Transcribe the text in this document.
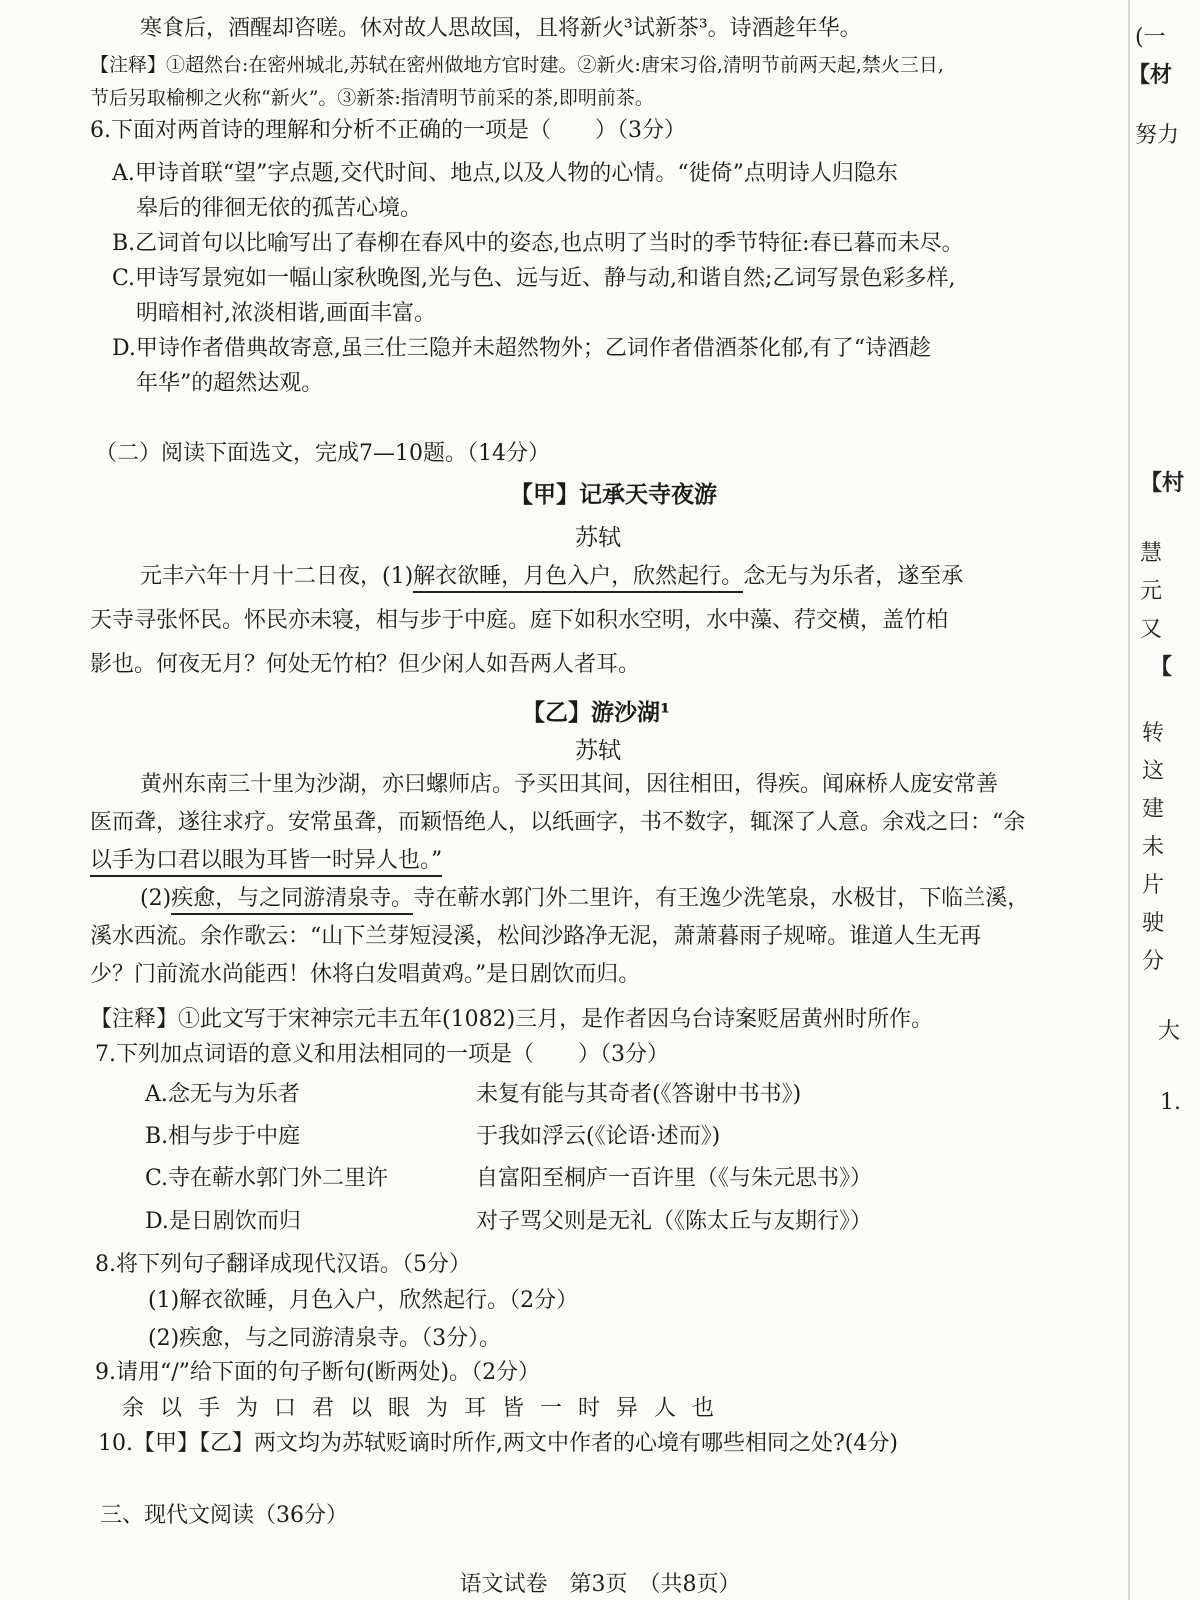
寒食后，酒醒却咨嗟。休对故人思故国，且将新火³试新茶³。诗酒趁年华。
【注释】①超然台:在密州城北,苏轼在密州做地方官时建。②新火:唐宋习俗,清明节前两天起,禁火三日,
节后另取榆柳之火称“新火”。③新茶:指清明节前采的茶,即明前茶。
6.下面对两首诗的理解和分析不正确的一项是（　　）（3分）
A.甲诗首联“望”字点题,交代时间、地点,以及人物的心情。“徙倚”点明诗人归隐东
皋后的徘徊无依的孤苦心境。
B.乙词首句以比喻写出了春柳在春风中的姿态,也点明了当时的季节特征:春已暮而未尽。
C.甲诗写景宛如一幅山家秋晚图,光与色、远与近、静与动,和谐自然;乙词写景色彩多样,
明暗相衬,浓淡相谐,画面丰富。
D.甲诗作者借典故寄意,虽三仕三隐并未超然物外；乙词作者借酒茶化郁,有了“诗酒趁
年华”的超然达观。
（二）阅读下面选文，完成7—10题。（14分）
【甲】记承天寺夜游
苏轼
元丰六年十月十二日夜，(1)解衣欲睡，月色入户，欣然起行。念无与为乐者，遂至承
天寺寻张怀民。怀民亦未寝，相与步于中庭。庭下如积水空明，水中藻、荇交横，盖竹柏
影也。何夜无月？何处无竹柏？但少闲人如吾两人者耳。
【乙】游沙湖¹
苏轼
黄州东南三十里为沙湖，亦曰螺师店。予买田其间，因往相田，得疾。闻麻桥人庞安常善
医而聋，遂往求疗。安常虽聋，而颖悟绝人，以纸画字，书不数字，辄深了人意。余戏之曰：“余
以手为口君以眼为耳皆一时异人也。”
(2)疾愈，与之同游清泉寺。寺在蕲水郭门外二里许，有王逸少洗笔泉，水极甘，下临兰溪，
溪水西流。余作歌云：“山下兰芽短浸溪，松间沙路净无泥，萧萧暮雨子规啼。谁道人生无再
少？门前流水尚能西！休将白发唱黄鸡。”是日剧饮而归。
【注释】①此文写于宋神宗元丰五年(1082)三月，是作者因乌台诗案贬居黄州时所作。
7.下列加点词语的意义和用法相同的一项是（　　）（3分）
A.念无与为乐者	未复有能与其奇者(《答谢中书书》)
B.相与步于中庭	于我如浮云(《论语·述而》)
C.寺在蕲水郭门外二里许	自富阳至桐庐一百许里（《与朱元思书》）
D.是日剧饮而归	对子骂父则是无礼（《陈太丘与友期行》）
8.将下列句子翻译成现代汉语。（5分）
(1)解衣欲睡，月色入户，欣然起行。（2分）
(2)疾愈，与之同游清泉寺。（3分）。
9.请用“/”给下面的句子断句(断两处)。（2分）
余以手为口君以眼为耳皆一时异人也
10.【甲】【乙】两文均为苏轼贬谪时所作,两文中作者的心境有哪些相同之处?(4分)
三、现代文阅读（36分）
语文试卷　第3页　（共8页）
(一
【材
努力
【村
慧
元
又
【
转
这
建
未
片
驶
分
大
1.
